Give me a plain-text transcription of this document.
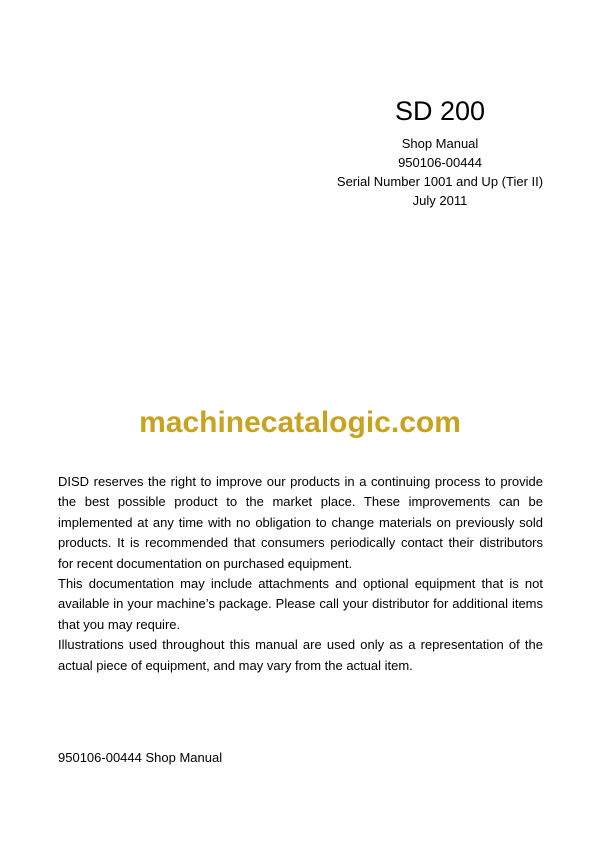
SD 200

Shop Manual

950106-00444

Serial Number 1001 and Up (Tier II)

July 2011

machinecatalogic.com

DISD reserves the right to improve our products in a continuing process to provide the best possible product to the market place. These improvements can be implemented at any time with no obligation to change materials on previously sold products. It is recommended that consumers periodically contact their distributors for recent documentation on purchased equipment.

This documentation may include attachments and optional equipment that is not available in your machine’s package. Please call your distributor for additional items that you may require.

Illustrations used throughout this manual are used only as a representation of the actual piece of equipment, and may vary from the actual item.

950106-00444 Shop Manual
